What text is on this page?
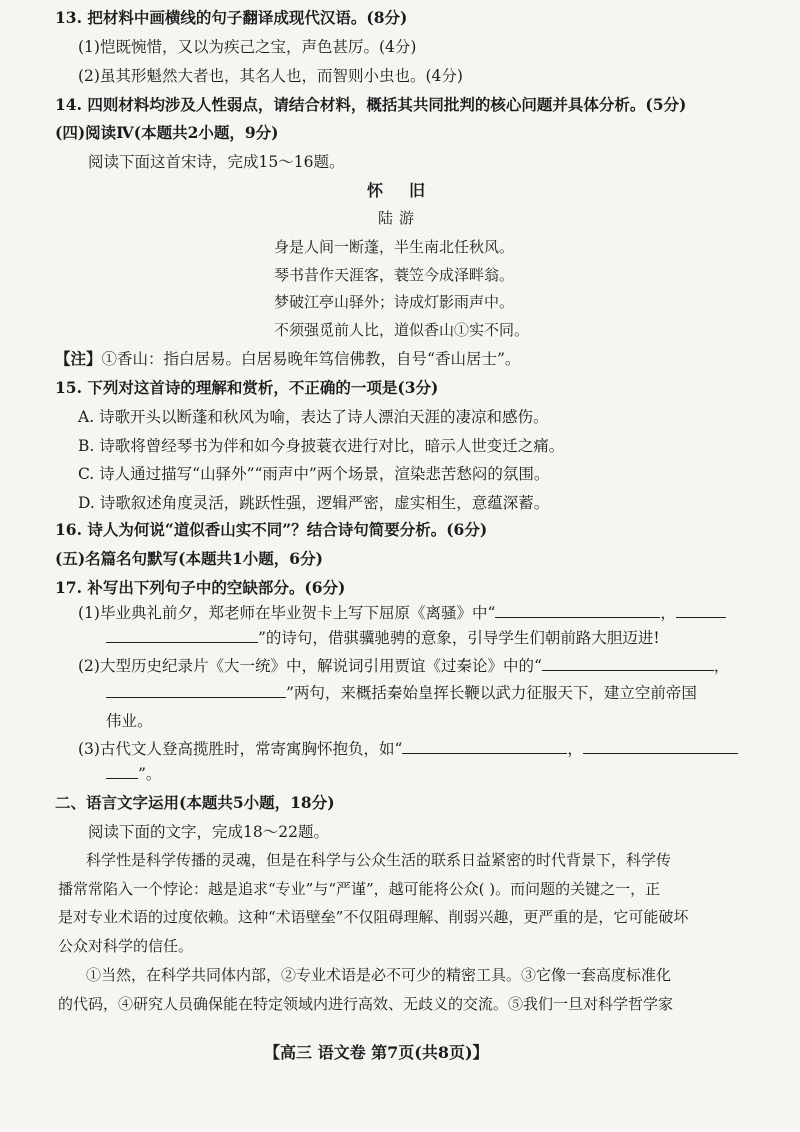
13. 把材料中画横线的句子翻译成现代汉语。(8分)
(1)恺既惋惜，又以为疾己之宝，声色甚厉。(4分)
(2)虽其形魁然大者也，其名人也，而智则小虫也。(4分)
14. 四则材料均涉及人性弱点，请结合材料，概括其共同批判的核心问题并具体分析。(5分)
(四)阅读Ⅳ(本题共2小题，9分)
阅读下面这首宋诗，完成15～16题。
怀旧
陆游
身是人间一断蓬，半生南北任秋风。
琴书昔作天涯客，蓑笠今成泽畔翁。
梦破江亭山驿外；诗成灯影雨声中。
不须强觅前人比，道似香山①实不同。
【注】①香山：指白居易。白居易晚年笃信佛教，自号“香山居士”。
15. 下列对这首诗的理解和赏析，不正确的一项是(3分)
A. 诗歌开头以断蓬和秋风为喻，表达了诗人漂泊天涯的凄凉和感伤。
B. 诗歌将曾经琴书为伴和如今身披蓑衣进行对比，暗示人世变迁之痛。
C. 诗人通过描写“山驿外”“雨声中”两个场景，渲染悲苦愁闷的氛围。
D. 诗歌叙述角度灵活，跳跃性强，逻辑严密，虚实相生，意蕴深蓄。
16. 诗人为何说“道似香山实不同”？结合诗句简要分析。(6分)
(五)名篇名句默写(本题共1小题，6分)
17. 补写出下列句子中的空缺部分。(6分)
(1)毕业典礼前夕，郑老师在毕业贺卡上写下屈原《离骚》中“	，
”的诗句，借骐骥驰骋的意象，引导学生们朝前路大胆迈进!
(2)大型历史纪录片《大一统》中，解说词引用贾谊《过秦论》中的“	，
”两句，来概括秦始皇挥长鞭以武力征服天下，建立空前帝国
伟业。
(3)古代文人登高揽胜时，常寄寓胸怀抱负，如“	，
”。
二、语言文字运用(本题共5小题，18分)
阅读下面的文字，完成18～22题。
科学性是科学传播的灵魂，但是在科学与公众生活的联系日益紧密的时代背景下，科学传
播常常陷入一个悖论：越是追求“专业”与“严谨”，越可能将公众( )。而问题的关键之一，正
是对专业术语的过度依赖。这种“术语壁垒”不仅阻碍理解、削弱兴趣，更严重的是，它可能破坏
公众对科学的信任。
①当然，在科学共同体内部，②专业术语是必不可少的精密工具。③它像一套高度标准化
的代码，④研究人员确保能在特定领域内进行高效、无歧义的交流。⑤我们一旦对科学哲学家
【高三 语文卷 第7页(共8页)】
